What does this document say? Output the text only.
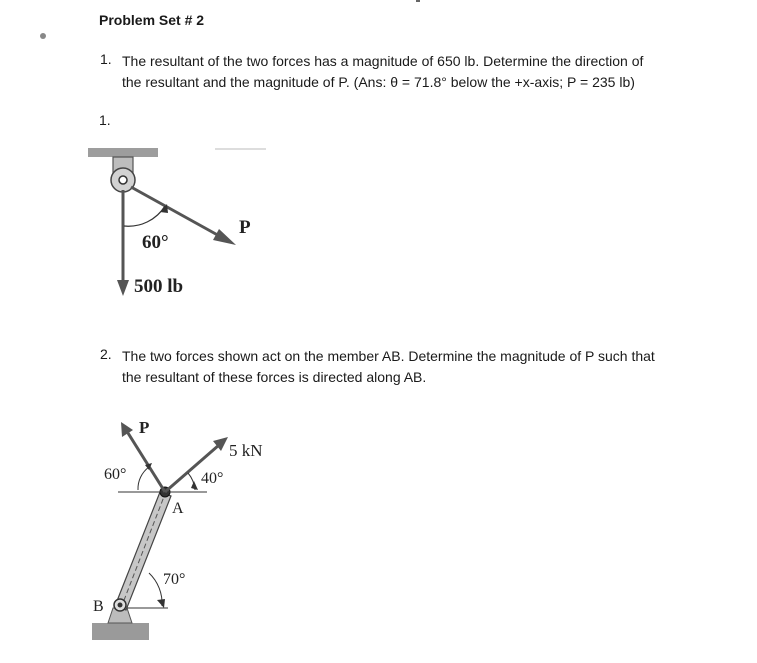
Problem Set # 2
1. The resultant of the two forces has a magnitude of 650 lb. Determine the direction of
the resultant and the magnitude of P. (Ans: θ = 71.8° below the +x-axis; P = 235 lb)
1.
60°
P
500 lb
2. The two forces shown act on the member AB. Determine the magnitude of P such that
the resultant of these forces is directed along AB.
P
5 kN
60°	40°
70°
A
B
